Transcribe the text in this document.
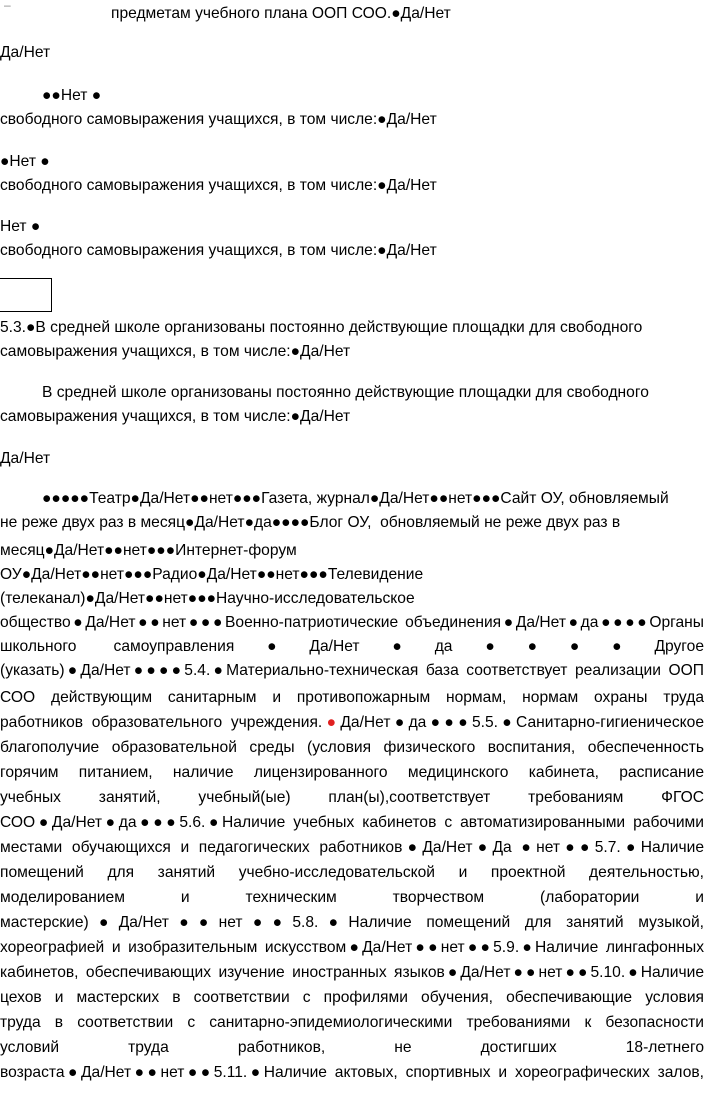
–	предметам учебного плана ООП СОО.●Да/Нет
Да/Нет
●●Нет ●
свободного самовыражения учащихся, в том числе:●Да/Нет
●Нет ●
свободного самовыражения учащихся, в том числе:●Да/Нет
Нет ●
свободного самовыражения учащихся, в том числе:●Да/Нет
5.3.●В средней школе организованы постоянно действующие площадки для свободного
самовыражения учащихся, в том числе:●Да/Нет
В средней школе организованы постоянно действующие площадки для свободного
самовыражения учащихся, в том числе:●Да/Нет
Да/Нет
●●●●●Театр●Да/Нет●●нет●●●Газета, журнал●Да/Нет●●нет●●●Сайт ОУ, обновляемый
не реже двух раз в месяц●Да/Нет●да●●●●Блог ОУ,  обновляемый не реже двух раз в
месяц●Да/Нет●●нет●●●Интернет-форум
ОУ●Да/Нет●●нет●●●Радио●Да/Нет●●нет●●●Телевидение
(телеканал)●Да/Нет●●нет●●●Научно-исследовательское
общество●Да/Нет●●нет●●●Военно-патриотические объединения●Да/Нет●да●●●●Органы
школьного самоуправления●Да/Нет●да●●●●Другое
(указать)●Да/Нет●●●●5.4.●Материально-техническая база соответствует реализации ООП
СОО действующим санитарным и противопожарным нормам, нормам охраны труда
работников образовательного учреждения.●Да/Нет●да●●●5.5.●Санитарно-гигиеническое
благополучие образовательной среды (условия физического воспитания, обеспеченность
горячим питанием, наличие лицензированного медицинского кабинета, расписание
учебных занятий, учебный(ые) план(ы),соответствует требованиям ФГОС
СОО●Да/Нет●да●●●5.6.●Наличие учебных кабинетов с автоматизированными рабочими
местами обучающихся и педагогических работников●Да/Нет●Да ●нет●●5.7.●Наличие
помещений для занятий учебно-исследовательской и проектной деятельностью,
моделированием и техническим творчеством (лаборатории и
мастерские)●Да/Нет●●нет●●5.8.●Наличие помещений для занятий музыкой,
хореографией и изобразительным искусством●Да/Нет●●нет●●5.9.●Наличие лингафонных
кабинетов, обеспечивающих изучение иностранных языков●Да/Нет●●нет●●5.10.●Наличие
цехов и мастерских в соответствии с профилями обучения, обеспечивающие условия
труда в соответствии с санитарно-эпидемиологическими требованиями к безопасности
условий труда работников, не достигших 18-летнего
возраста●Да/Нет●●нет●●5.11.●Наличие актовых, спортивных и хореографических залов,
